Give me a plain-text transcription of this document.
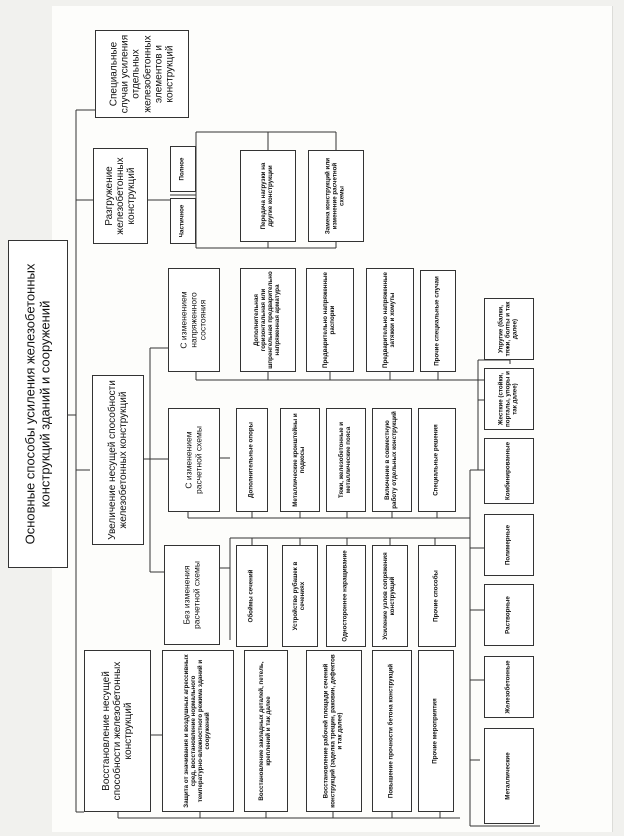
Основные способы усиления железобетонных конструкций зданий и сооружений
Специальные случаи усиления отдельных железобетонных элементов и конструкций
Разгружение железобетонных конструкций	Полное
Частичное	Передача нагрузки на другие конструкции	Замена конструкций или изменение расчетной схемы
Увеличение несущей способности железобетонных конструкций
С изменением напряженного состояния	Дополнительная горизонтальная или шпренгельная предварительно напряженная арматура	Предварительно напряженные распорки	Предварительно напряженные затяжки и хомуты	Прочие специальные случаи
С изменением расчетной схемы	Дополнительные опоры	Металлические кронштейны и подкосы	Тяжи, железобетонные и металлические пояса	Включение в совместную работу отдельных конструкций	Специальные решения
Без изменения расчетной схемы	Обоймы сечений	Устройство рубашек в сечениях	Одностороннее наращивание	Усиление узлов сопряжения конструкций	Прочие способы
Металлические
Железобетонные
Растворные
Полимерные
Комбинированные
Жесткие (стойки, порталы, упоры и так далее)
Упругие (балки, тяжи, болты и так далее)
Восстановление несущей способности железобетонных конструкций	Защита от значивания и воздушных агрессивных сред, восстановление нормального температурно-влажностного режима зданий и сооружений	Восстановление закладных деталей, петель, креплений и так далее	Восстановление рабочей площади сечений конструкций (заделка трещин, раковин, дефектов и так далее)	Повышение прочности бетона конструкций	Прочие мероприятия
